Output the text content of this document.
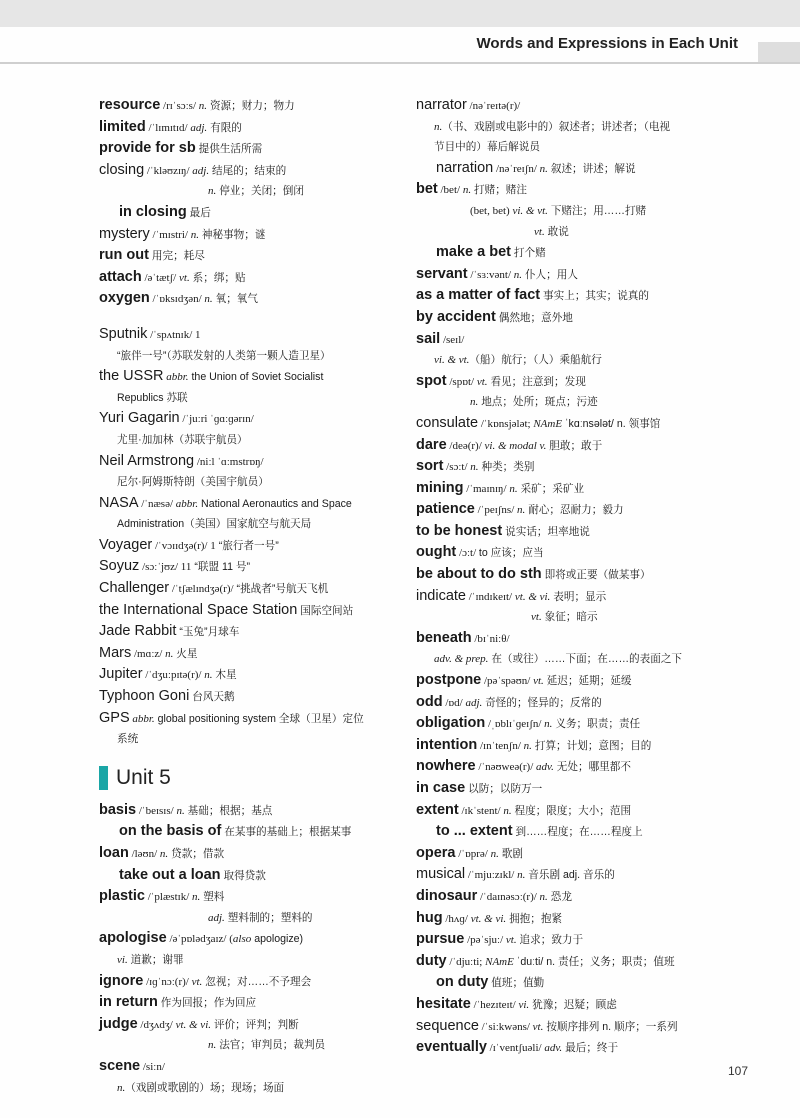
Words and Expressions in Each Unit
resource /rɪˈsɔːs/ n. 资源；财力；物力
limited /ˈlɪmɪtɪd/ adj. 有限的
provide for sb 提供生活所需
closing /ˈkləʊzɪŋ/ adj. 结尾的；结束的
n. 停业；关闭；倒闭
in closing 最后
mystery /ˈmɪstri/ n. 神秘事物；谜
run out 用完；耗尽
attach /əˈtætʃ/ vt. 系；绑；贴
oxygen /ˈɒksɪdʒən/ n. 氧；氧气
Sputnik /ˈspʌtnɪk/ 1
“旅伴一号”（苏联发射的人类第一颗人造卫星）
the USSR abbr. the Union of Soviet Socialist
Republics 苏联
Yuri Gagarin /ˈjuːri ˈɡɑːɡərɪn/
尤里·加加林（苏联宇航员）
Neil Armstrong /niːl ˈɑːmstrɒŋ/
尼尔·阿姆斯特朗（美国宇航员）
NASA /ˈnæsə/ abbr. National Aeronautics and Space
Administration（美国）国家航空与航天局
Voyager /ˈvɔɪɪdʒə(r)/ 1 “旅行者一号”
Soyuz /sɔːˈjʊz/ 11 “联盟 11 号”
Challenger /ˈtʃælɪndʒə(r)/ “挑战者”号航天飞机
the International Space Station 国际空间站
Jade Rabbit “玉兔”月球车
Mars /mɑːz/ n. 火星
Jupiter /ˈdʒuːpɪtə(r)/ n. 木星
Typhoon Goni 台风天鹅
GPS abbr. global positioning system 全球（卫星）定位
系统
Unit 5
basis /ˈbeɪsɪs/ n. 基础；根据；基点
on the basis of 在某事的基础上；根据某事
loan /ləʊn/ n. 贷款；借款
take out a loan 取得贷款
plastic /ˈplæstɪk/ n. 塑料
adj. 塑料制的；塑料的
apologise /əˈpɒlədʒaɪz/ (also apologize)
vi. 道歉；谢罪
ignore /ɪɡˈnɔː(r)/ vt. 忽视；对……不予理会
in return 作为回报；作为回应
judge /dʒʌdʒ/ vt. & vi. 评价；评判；判断
n. 法官；审判员；裁判员
scene /siːn/
n.（戏剧或歌剧的）场；现场；场面
narrator /nəˈreɪtə(r)/
n.（书、戏剧或电影中的）叙述者；讲述者；（电视
节目中的）幕后解说员
narration /nəˈreɪʃn/ n. 叙述；讲述；解说
bet /bet/ n. 打赌；赌注
(bet, bet) vi. & vt. 下赌注；用……打赌
vt. 敢说
make a bet 打个赌
servant /ˈsɜːvənt/ n. 仆人；用人
as a matter of fact 事实上；其实；说真的
by accident 偶然地；意外地
sail /seɪl/
vi. & vt.（船）航行；（人）乘船航行
spot /spɒt/ vt. 看见；注意到；发现
n. 地点；处所；斑点；污迹
consulate /ˈkɒnsjələt; NAmE ˈkɑːnsələt/ n. 领事馆
dare /deə(r)/ vi. & modal v. 胆敢；敢于
sort /sɔːt/ n. 种类；类别
mining /ˈmaɪnɪŋ/ n. 采矿；采矿业
patience /ˈpeɪʃns/ n. 耐心；忍耐力；毅力
to be honest 说实话；坦率地说
ought /ɔːt/ to 应该；应当
be about to do sth 即将或正要（做某事）
indicate /ˈɪndɪkeɪt/ vt. & vi. 表明；显示
vt. 象征；暗示
beneath /bɪˈniːθ/
adv. & prep. 在（或往）……下面；在……的表面之下
postpone /pəˈspəʊn/ vt. 延迟；延期；延缓
odd /ɒd/ adj. 奇怪的；怪异的；反常的
obligation /ˌɒblɪˈɡeɪʃn/ n. 义务；职责；责任
intention /ɪnˈtenʃn/ n. 打算；计划；意图；目的
nowhere /ˈnəʊweə(r)/ adv. 无处；哪里都不
in case 以防；以防万一
extent /ɪkˈstent/ n. 程度；限度；大小；范围
to ... extent 到……程度；在……程度上
opera /ˈɒprə/ n. 歌剧
musical /ˈmjuːzɪkl/ n. 音乐剧 adj. 音乐的
dinosaur /ˈdaɪnəsɔː(r)/ n. 恐龙
hug /hʌɡ/ vt. & vi. 拥抱；抱紧
pursue /pəˈsjuː/ vt. 追求；致力于
duty /ˈdjuːti; NAmE ˈduːti/ n. 责任；义务；职责；值班
on duty 值班；值勤
hesitate /ˈhezɪteɪt/ vi. 犹豫；迟疑；顾虑
sequence /ˈsiːkwəns/ vt. 按顺序排列 n. 顺序；一系列
eventually /ɪˈventʃuəli/ adv. 最后；终于
107
